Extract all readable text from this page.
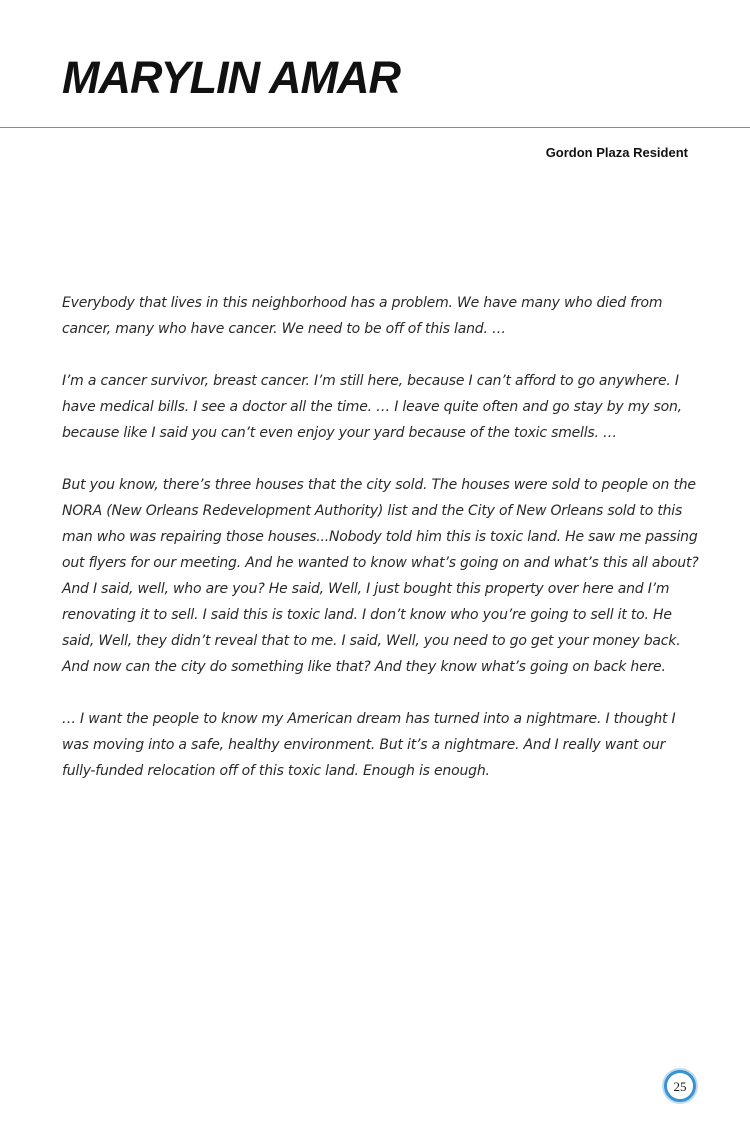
MARYLIN AMAR
Gordon Plaza Resident

Everybody that lives in this neighborhood has a problem. We have many who died from cancer, many who have cancer. We need to be off of this land. …

I’m a cancer survivor, breast cancer. I’m still here, because I can’t afford to go anywhere. I have medical bills. I see a doctor all the time. … I leave quite often and go stay by my son, because like I said you can’t even enjoy your yard because of the toxic smells. …

But you know, there’s three houses that the city sold. The houses were sold to people on the NORA (New Orleans Redevelopment Authority) list and the City of New Orleans sold to this man who was repairing those houses...Nobody told him this is toxic land. He saw me passing out flyers for our meeting. And he wanted to know what’s going on and what’s this all about? And I said, well, who are you? He said, Well, I just bought this property over here and I’m renovating it to sell. I said this is toxic land. I don’t know who you’re going to sell it to. He said, Well, they didn’t reveal that to me. I said, Well, you need to go get your money back. And now can the city do something like that? And they know what’s going on back here.

… I want the people to know my American dream has turned into a nightmare. I thought I was moving into a safe, healthy environment. But it’s a nightmare. And I really want our fully-funded relocation off of this toxic land. Enough is enough.

25
